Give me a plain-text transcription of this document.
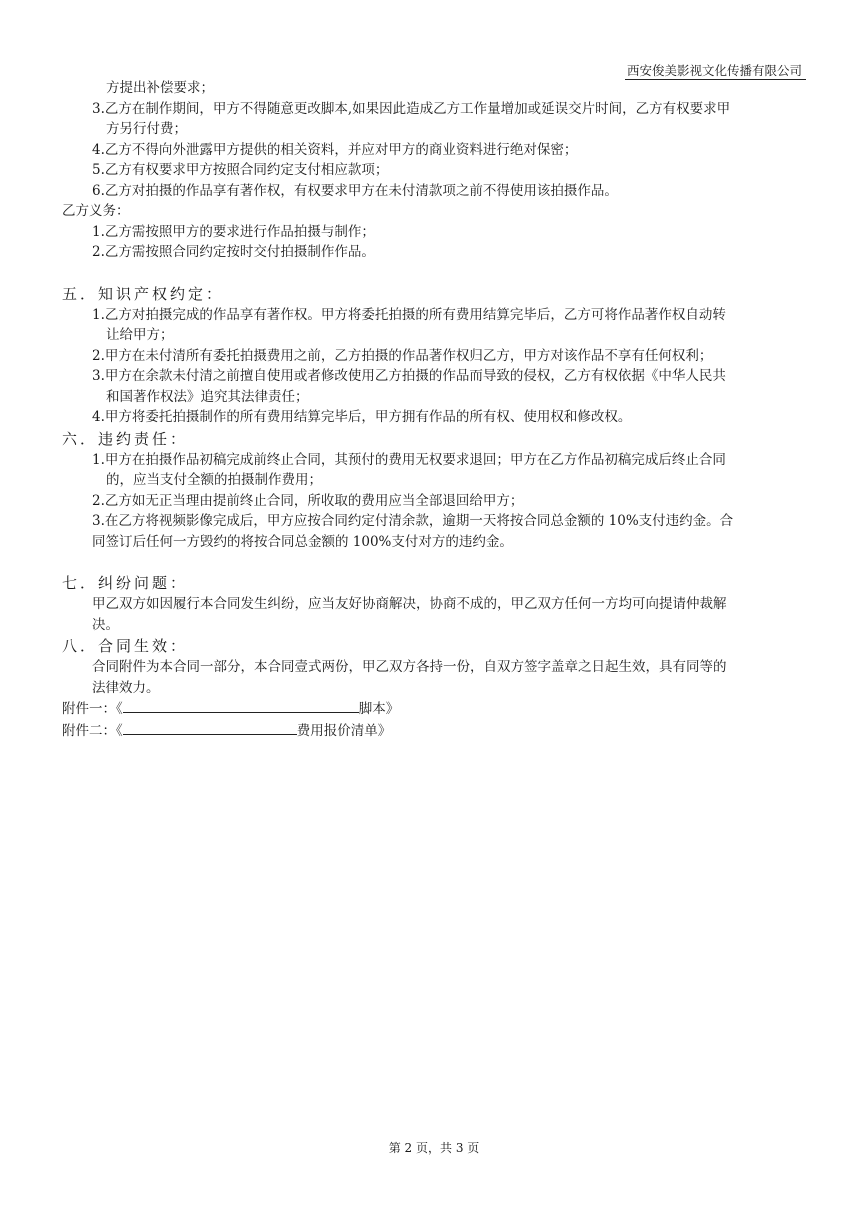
西安俊美影视文化传播有限公司

方提出补偿要求；

3.乙方在制作期间，甲方不得随意更改脚本,如果因此造成乙方工作量增加或延误交片时间，乙方有权要求甲

方另行付费；

4.乙方不得向外泄露甲方提供的相关资料，并应对甲方的商业资料进行绝对保密；

5.乙方有权要求甲方按照合同约定支付相应款项；

6.乙方对拍摄的作品享有著作权，有权要求甲方在未付清款项之前不得使用该拍摄作品。

乙方义务：

1.乙方需按照甲方的要求进行作品拍摄与制作；

2.乙方需按照合同约定按时交付拍摄制作作品。

五．知识产权约定：

1.乙方对拍摄完成的作品享有著作权。甲方将委托拍摄的所有费用结算完毕后，乙方可将作品著作权自动转

让给甲方；

2.甲方在未付清所有委托拍摄费用之前，乙方拍摄的作品著作权归乙方，甲方对该作品不享有任何权利；

3.甲方在余款未付清之前擅自使用或者修改使用乙方拍摄的作品而导致的侵权，乙方有权依据《中华人民共

和国著作权法》追究其法律责任；

4.甲方将委托拍摄制作的所有费用结算完毕后，甲方拥有作品的所有权、使用权和修改权。

六．违约责任：

1.甲方在拍摄作品初稿完成前终止合同，其预付的费用无权要求退回；甲方在乙方作品初稿完成后终止合同

的，应当支付全额的拍摄制作费用；

2.乙方如无正当理由提前终止合同，所收取的费用应当全部退回给甲方；

3.在乙方将视频影像完成后，甲方应按合同约定付清余款，逾期一天将按合同总金额的 10%支付违约金。合

同签订后任何一方毁约的将按合同总金额的 100%支付对方的违约金。

七．纠纷问题：

甲乙双方如因履行本合同发生纠纷，应当友好协商解决，协商不成的，甲乙双方任何一方均可向提请仲裁解

决。

八．合同生效：

合同附件为本合同一部分，本合同壹式两份，甲乙双方各持一份，自双方签字盖章之日起生效，具有同等的

法律效力。

附件一：《	脚本》

附件二：《	费用报价清单》

第 2 页，共 3 页
